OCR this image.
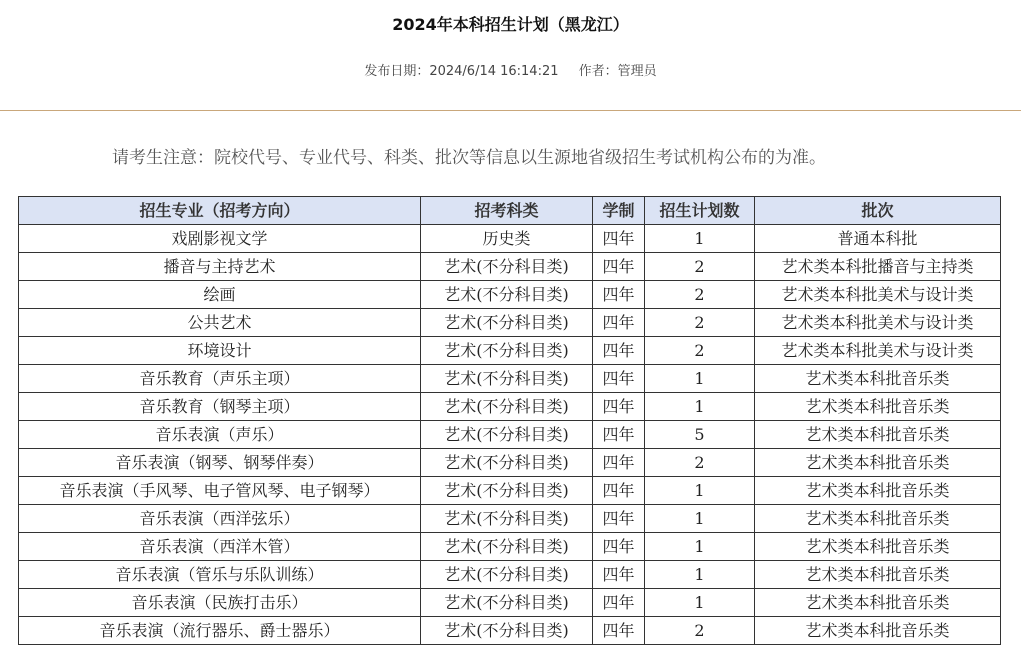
2024年本科招生计划（黑龙江）
发布日期：2024/6/14 16:14:21 作者：管理员
请考生注意：院校代号、专业代号、科类、批次等信息以生源地省级招生考试机构公布的为准。
招生专业（招考方向）	招考科类	学制	招生计划数	批次
戏剧影视文学	历史类	四年	1	普通本科批
播音与主持艺术	艺术(不分科目类)	四年	2	艺术类本科批播音与主持类
绘画	艺术(不分科目类)	四年	2	艺术类本科批美术与设计类
公共艺术	艺术(不分科目类)	四年	2	艺术类本科批美术与设计类
环境设计	艺术(不分科目类)	四年	2	艺术类本科批美术与设计类
音乐教育（声乐主项）	艺术(不分科目类)	四年	1	艺术类本科批音乐类
音乐教育（钢琴主项）	艺术(不分科目类)	四年	1	艺术类本科批音乐类
音乐表演（声乐）	艺术(不分科目类)	四年	5	艺术类本科批音乐类
音乐表演（钢琴、钢琴伴奏）	艺术(不分科目类)	四年	2	艺术类本科批音乐类
音乐表演（手风琴、电子管风琴、电子钢琴）	艺术(不分科目类)	四年	1	艺术类本科批音乐类
音乐表演（西洋弦乐）	艺术(不分科目类)	四年	1	艺术类本科批音乐类
音乐表演（西洋木管）	艺术(不分科目类)	四年	1	艺术类本科批音乐类
音乐表演（管乐与乐队训练）	艺术(不分科目类)	四年	1	艺术类本科批音乐类
音乐表演（民族打击乐）	艺术(不分科目类)	四年	1	艺术类本科批音乐类
音乐表演（流行器乐、爵士器乐）	艺术(不分科目类)	四年	2	艺术类本科批音乐类
